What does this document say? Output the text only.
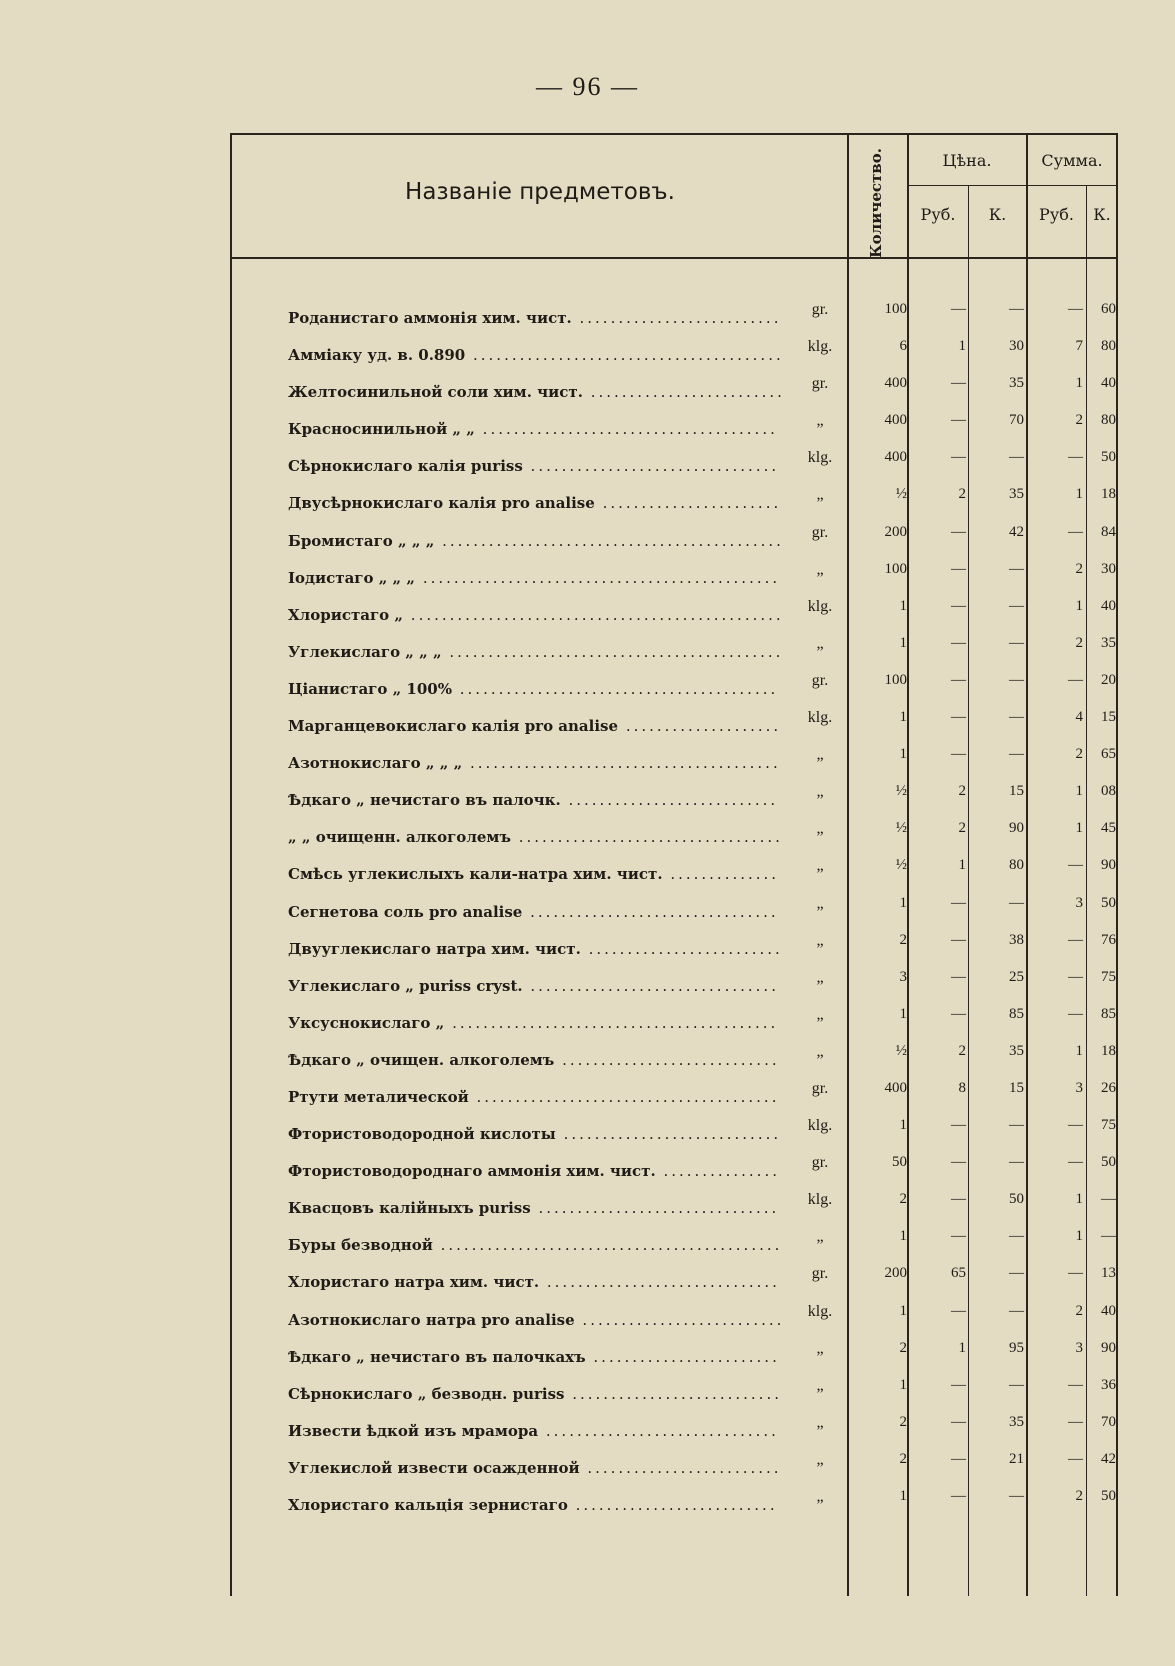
— 96 —
Названіе предметовъ.	Количество.	Цѣна.	Сумма.
Руб.	К.	Руб.	К.
Роданистаго аммонія хим. чист. ..........................	gr.	100	—	—	—	60
Аммiаку уд. в. 0.890 ........................................	klg.	6	1	30	7	80
Желтосинильной соли хим. чист. .........................	gr.	400	—	35	1	40
Красносинильной „ „ ......................................	„	400	—	70	2	80
Сѣрнокислаго калія puriss ................................	klg.	400	—	—	—	50
Двусѣрнокислаго калія pro analise .......................	„	½	2	35	1	18
Бромистаго „ „ „ ............................................	gr.	200	—	42	—	84
Іодистаго „ „ „ ..............................................	„	100	—	—	2	30
Хлористаго „ ................................................	klg.	1	—	—	1	40
Углекислаго „ „ „ ...........................................	„	1	—	—	2	35
Ціанистаго „ 100% .........................................	gr.	100	—	—	—	20
Марганцевокислаго калія pro analise ....................	klg.	1	—	—	4	15
Азотнокислаго „ „ „ ........................................	„	1	—	—	2	65
Ѣдкаго „ нечистаго въ палочк. ...........................	„	½	2	15	1	08
„ „ очищенн. алкоголемъ ..................................	„	½	2	90	1	45
Смѣсь углекислыхъ кали-натра хим. чист. ..............	„	½	1	80	—	90
Сегнетова соль pro analise ................................	„	1	—	—	3	50
Двууглекислаго натра хим. чист. .........................	„	2	—	38	—	76
Углекислаго „ puriss cryst. ................................	„	3	—	25	—	75
Уксуснокислаго „ ..........................................	„	1	—	85	—	85
Ѣдкаго „ очищен. алкоголемъ ............................	„	½	2	35	1	18
Ртути металической .......................................	gr.	400	8	15	3	26
Фтористоводородной кислоты ............................	klg.	1	—	—	—	75
Фтористоводороднаго аммонія хим. чист. ...............	gr.	50	—	—	—	50
Квасцовъ калійныхъ puriss ...............................	klg.	2	—	50	1	—
Буры безводной ............................................	„	1	—	—	1	—
Хлористаго натра хим. чист. ..............................	gr.	200	65	—	—	13
Азотнокислаго натра pro analise ..........................	klg.	1	—	—	2	40
Ѣдкаго „ нечистаго въ палочкахъ ........................	„	2	1	95	3	90
Сѣрнокислаго „ безводн. puriss ...........................	„	1	—	—	—	36
Извести ѣдкой изъ мрамора ..............................	„	2	—	35	—	70
Углекислой извести осажденной .........................	„	2	—	21	—	42
Хлористаго кальція зернистаго ..........................	„	1	—	—	2	50
